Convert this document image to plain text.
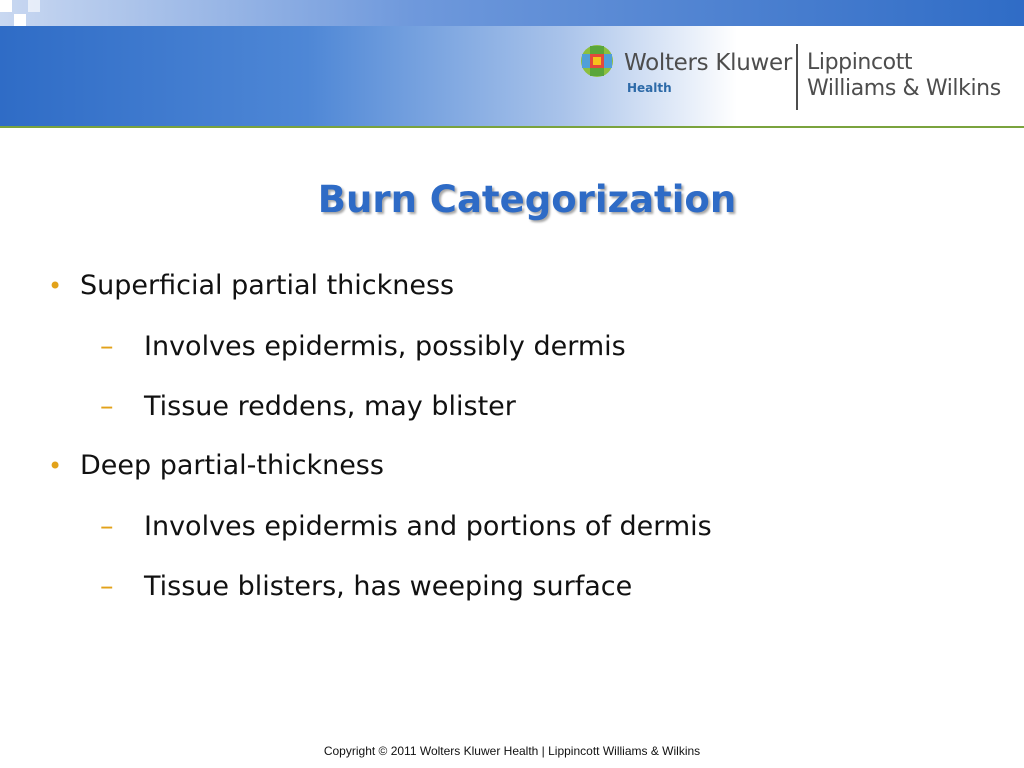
Wolters Kluwer
Health
Lippincott
Williams & Wilkins
Burn Categorization
• Superficial partial thickness
– Involves epidermis, possibly dermis
– Tissue reddens, may blister
• Deep partial-thickness
– Involves epidermis and portions of dermis
– Tissue blisters, has weeping surface
Copyright © 2011 Wolters Kluwer Health | Lippincott Williams & Wilkins
